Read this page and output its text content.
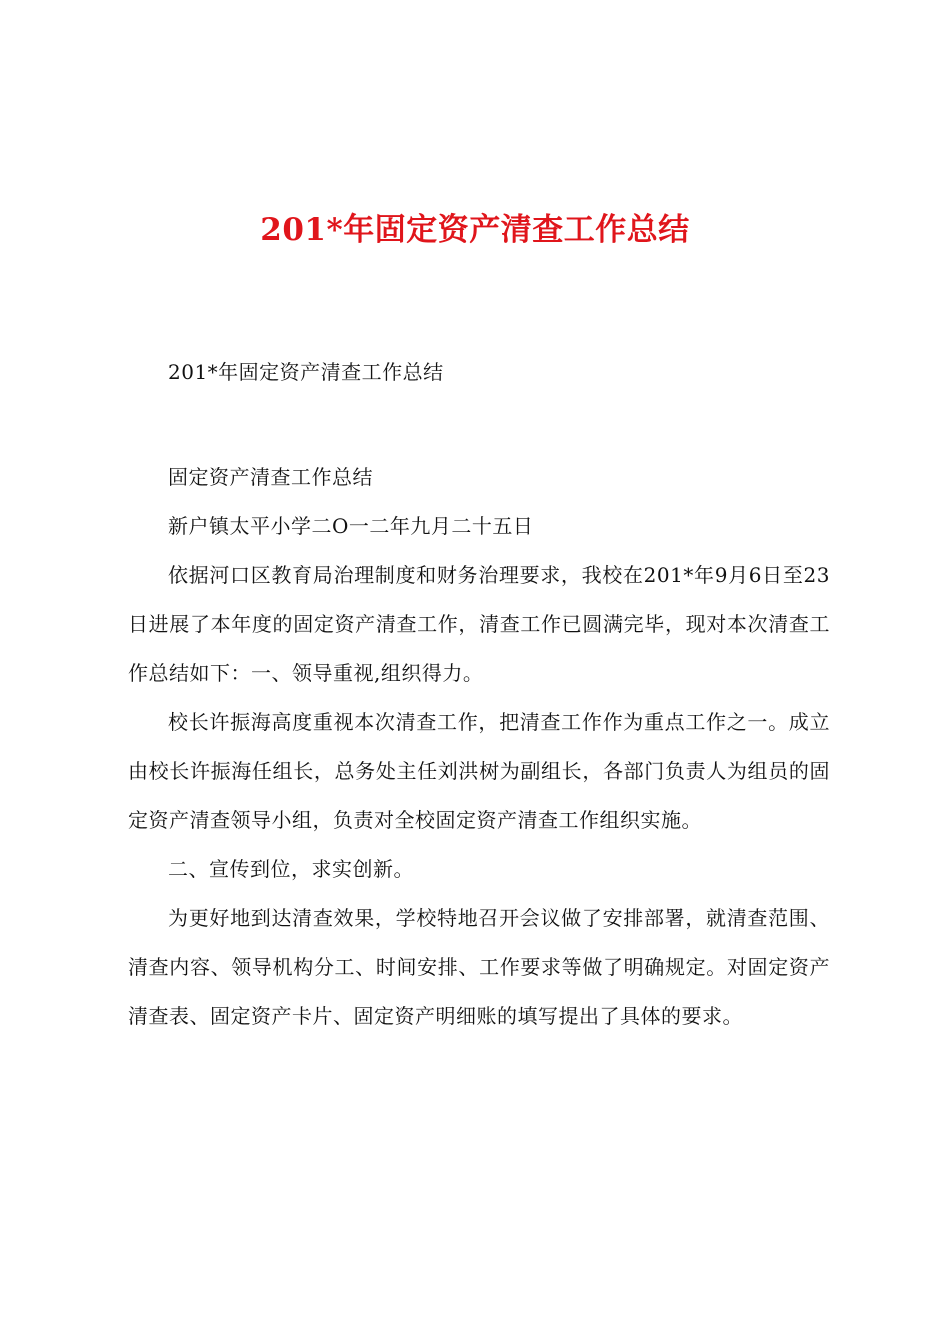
201*年固定资产清查工作总结

201*年固定资产清查工作总结

固定资产清查工作总结

新户镇太平小学二O一二年九月二十五日

依据河口区教育局治理制度和财务治理要求，我校在201*年9月6日至23日进展了本年度的固定资产清查工作，清查工作已圆满完毕，现对本次清查工作总结如下：一、领导重视,组织得力。

校长许振海高度重视本次清查工作，把清查工作作为重点工作之一。成立由校长许振海任组长，总务处主任刘洪树为副组长，各部门负责人为组员的固定资产清查领导小组，负责对全校固定资产清查工作组织实施。

二、宣传到位，求实创新。

为更好地到达清查效果，学校特地召开会议做了安排部署，就清查范围、清查内容、领导机构分工、时间安排、工作要求等做了明确规定。对固定资产清查表、固定资产卡片、固定资产明细账的填写提出了具体的要求。
